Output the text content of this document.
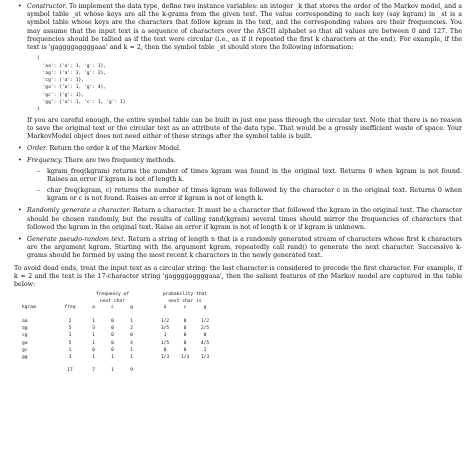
• Constructor. To implement the data type, define two instance variables: an integer _k that stores the order of the Markov model, and a symbol table _st whose keys are all the k-grams from the given text. The value corresponding to each key (say kgram) in _st is a symbol table whose keys are the characters that follow kgram in the text, and the corresponding values are their frequencies. You may assume that the input text is a sequence of characters over the ASCII alphabet so that all values are between 0 and 127. The frequencies should be tallied as if the text were circular (i.e., as if it repeated the first k characters at the end). For example, if the text is 'gaggggaggggaaa' and k = 2, then the symbol table _st should store the following information:

{
'aa': {'a': 1, 'g': 1},
'ag': {'a': 3, 'g': 2},
'cg': {'a': 1},
'ga': {'a': 1, 'g': 4},
'gc': {'g': 1},
'gg': {'a': 1, 'c': 1, 'g': 1}
}

If you are careful enough, the entire symbol table can be built in just one pass through the circular text. Note that there is no reason to save the original text or the circular text as an attribute of the data type. That would be a grossly inefficient waste of space. Your MarkovModel object does not need either of these strings after the symbol table is built.

• Order. Return the order k of the Markov Model.

• Frequency. There are two frequency methods.

– kgram_freq(kgram) returns the number of times kgram was found in the original text. Returns 0 when kgram is not found. Raises an error if kgram is not of length k.
– char_freq(kgram, c) returns the number of times kgram was followed by the character c in the original text. Returns 0 when kgram or c is not found. Raises an error if kgram is not of length k.
• Randomly generate a character. Return a character. It must be a character that followed the kgram in the original text. The character should be chosen randomly, but the results of calling rand(kgram) several times should mirror the frequencies of characters that followed the kgram in the original text. Raise an error if kgram is not of length k or if kgram is unknown.

• Generate pseudo-random text. Return a string of length n that is a randomly generated stream of characters whose first k characters are the argument kgram. Starting with the argument kgram, repeatedly call rand() to generate the next character. Successive k-grams should be formed by using the most recent k characters in the newly generated text.

To avoid dead ends, treat the input text as a circular string: the last character is considered to precede the first character. For example, if k = 2 and the text is the 17-character string 'gaggggaggggaaa', then the salient features of the Markov model are captured in the table below:

		frequency of				probability that		
		next char				next char is		
kgram	freq	a	c	g		a	c	g

aa	2	1	0	1		1/2	0	1/2
ag	5	3	0	2		3/5	0	2/5
cg	1	1	0	0		1	0	0
ga	5	1	0	4		1/5	0	4/5
gc	1	0	0	1		0	0	1
gg	3	1	1	1		1/3	1/3	1/3

	17	7	1	9				
